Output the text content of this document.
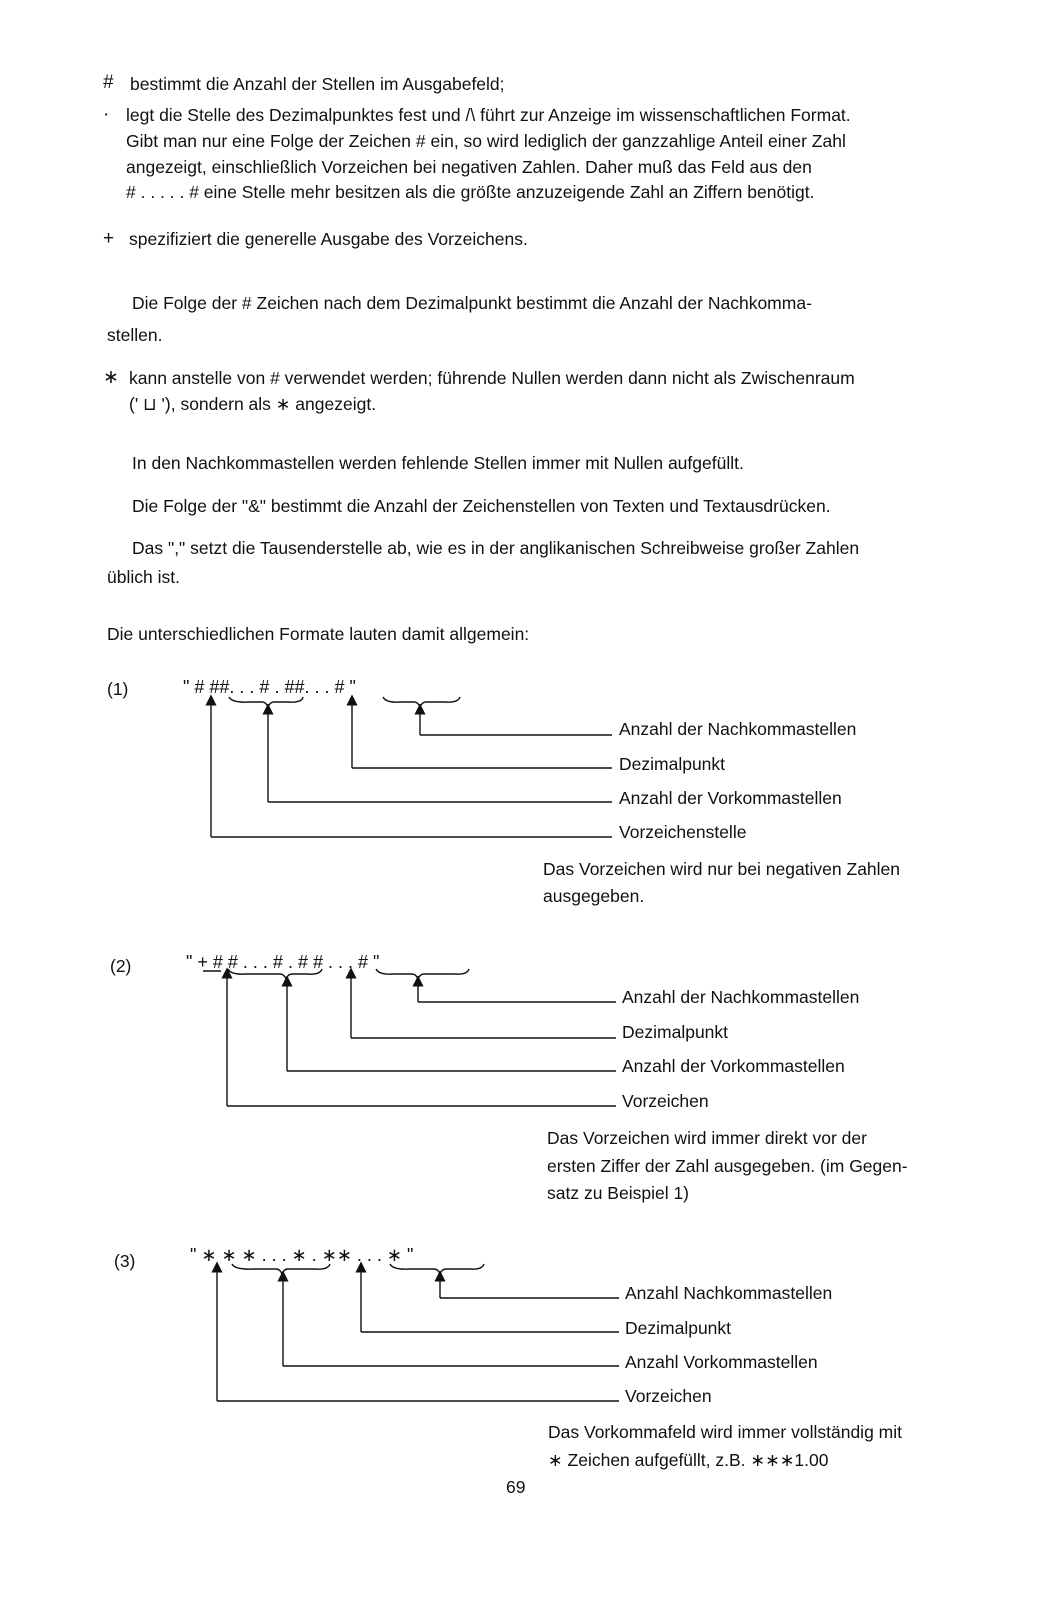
# bestimmt die Anzahl der Stellen im Ausgabefeld;
· legt die Stelle des Dezimalpunktes fest und /\ führt zur Anzeige im wissenschaftlichen Format.
Gibt man nur eine Folge der Zeichen # ein, so wird lediglich der ganzzahlige Anteil einer Zahl
angezeigt, einschließlich Vorzeichen bei negativen Zahlen. Daher muß das Feld aus den
# . . . . . # eine Stelle mehr besitzen als die größte anzuzeigende Zahl an Ziffern benötigt.
+ spezifiziert die generelle Ausgabe des Vorzeichens.
Die Folge der # Zeichen nach dem Dezimalpunkt bestimmt die Anzahl der Nachkomma-
stellen.
∗ kann anstelle von # verwendet werden; führende Nullen werden dann nicht als Zwischenraum
(' ⊔ '), sondern als ∗ angezeigt.
In den Nachkommastellen werden fehlende Stellen immer mit Nullen aufgefüllt.
Die Folge der "&" bestimmt die Anzahl der Zeichenstellen von Texten und Textausdrücken.
Das "," setzt die Tausenderstelle ab, wie es in der anglikanischen Schreibweise großer Zahlen
üblich ist.
Die unterschiedlichen Formate lauten damit allgemein:
(1)	" # ##. . . # . ##. . . # "
Anzahl der Nachkommastellen
Dezimalpunkt
Anzahl der Vorkommastellen
Vorzeichenstelle
Das Vorzeichen wird nur bei negativen Zahlen
ausgegeben.
(2)	" + # # . . . # . # # . . . # "
Anzahl der Nachkommastellen
Dezimalpunkt
Anzahl der Vorkommastellen
Vorzeichen
Das Vorzeichen wird immer direkt vor der
ersten Ziffer der Zahl ausgegeben. (im Gegen-
satz zu Beispiel 1)
(3)	" ∗ ∗ ∗ . . . ∗ . ∗∗ . . . ∗ "
Anzahl Nachkommastellen
Dezimalpunkt
Anzahl Vorkommastellen
Vorzeichen
Das Vorkommafeld wird immer vollständig mit
∗ Zeichen aufgefüllt, z.B. ∗∗∗1.00
69
